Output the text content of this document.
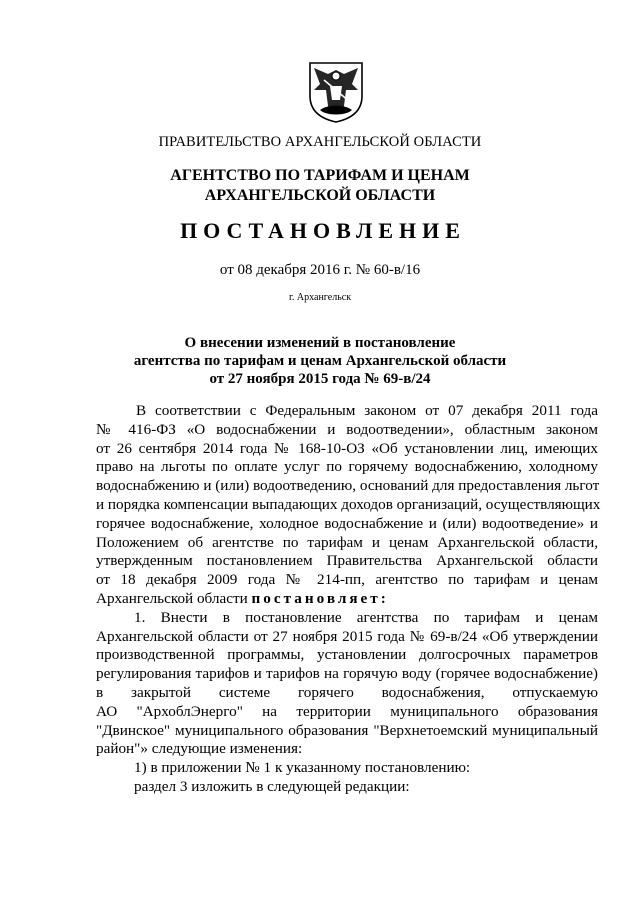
ПРАВИТЕЛЬСТВО АРХАНГЕЛЬСКОЙ ОБЛАСТИ
АГЕНТСТВО ПО ТАРИФАМ И ЦЕНАМ
АРХАНГЕЛЬСКОЙ ОБЛАСТИ
ПОСТАНОВЛЕНИЕ
от 08 декабря 2016 г. № 60-в/16
г. Архангельск
О внесении изменений в постановление
агентства по тарифам и ценам Архангельской области
от 27 ноября 2015 года № 69-в/24
В соответствии с Федеральным законом от 07 декабря 2011 года
№ 416-ФЗ «О водоснабжении и водоотведении», областным законом
от 26 сентября 2014 года № 168-10-ОЗ «Об установлении лиц, имеющих
право на льготы по оплате услуг по горячему водоснабжению, холодному
водоснабжению и (или) водоотведению, оснований для предоставления льгот
и порядка компенсации выпадающих доходов организаций, осуществляющих
горячее водоснабжение, холодное водоснабжение и (или) водоотведение» и
Положением об агентстве по тарифам и ценам Архангельской области,
утвержденным постановлением Правительства Архангельской области
от 18 декабря 2009 года № 214-пп, агентство по тарифам и ценам
Архангельской области постановляет:
1. Внести в постановление агентства по тарифам и ценам
Архангельской области от 27 ноября 2015 года № 69-в/24 «Об утверждении
производственной программы, установлении долгосрочных параметров
регулирования тарифов и тарифов на горячую воду (горячее водоснабжение)
в закрытой системе горячего водоснабжения, отпускаемую
АО "АрхоблЭнерго" на территории муниципального образования
"Двинское" муниципального образования "Верхнетоемский муниципальный
район"» следующие изменения:
1) в приложении № 1 к указанному постановлению:
раздел 3 изложить в следующей редакции:
